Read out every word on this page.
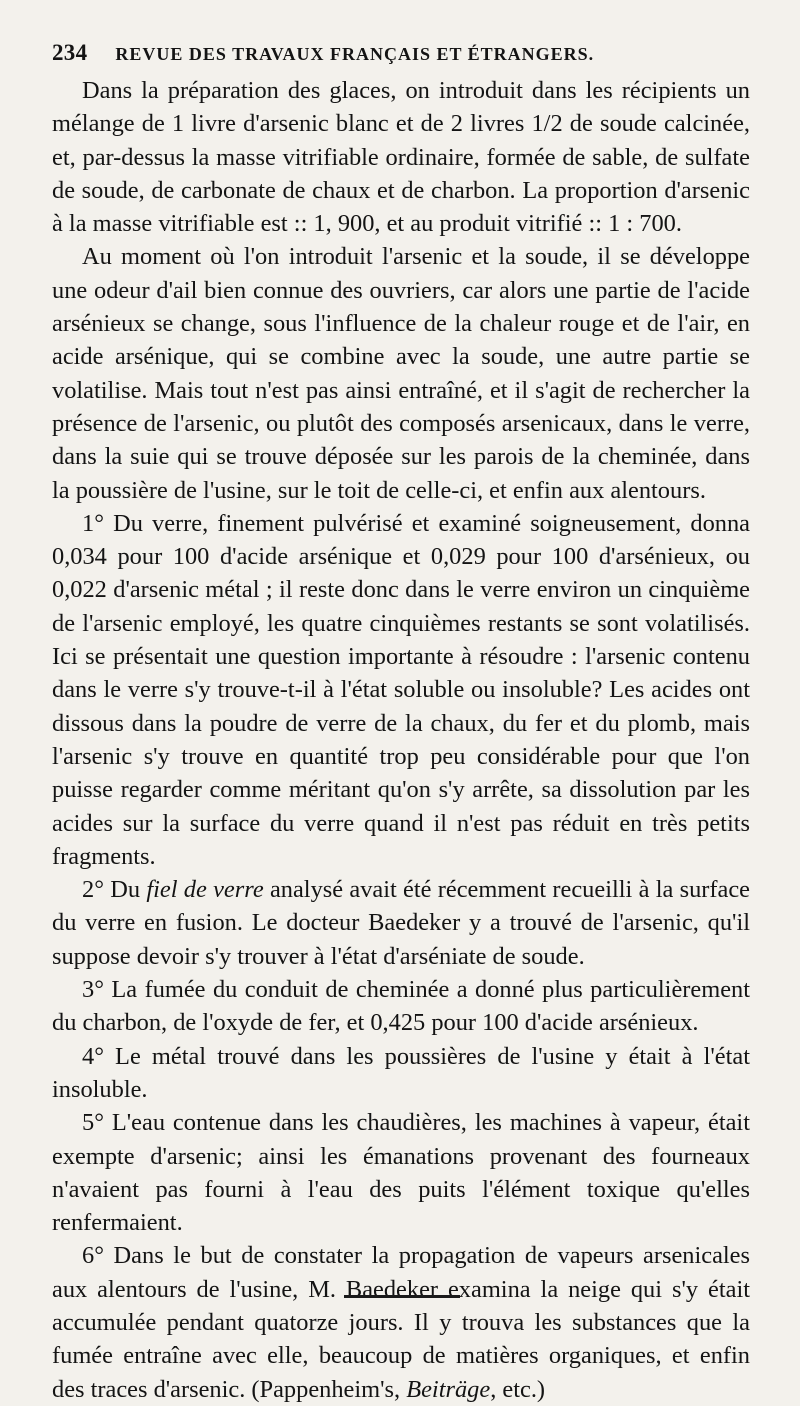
234 REVUE DES TRAVAUX FRANÇAIS ET ÉTRANGERS.

Dans la préparation des glaces, on introduit dans les récipients un mélange de 1 livre d'arsenic blanc et de 2 livres 1/2 de soude calcinée, et, par-dessus la masse vitrifiable ordinaire, formée de sable, de sulfate de soude, de carbonate de chaux et de charbon. La proportion d'arsenic à la masse vitrifiable est :: 1, 900, et au produit vitrifié :: 1 : 700.

Au moment où l'on introduit l'arsenic et la soude, il se développe une odeur d'ail bien connue des ouvriers, car alors une partie de l'acide arsénieux se change, sous l'influence de la chaleur rouge et de l'air, en acide arsénique, qui se combine avec la soude, une autre partie se volatilise. Mais tout n'est pas ainsi entraîné, et il s'agit de rechercher la présence de l'arsenic, ou plutôt des composés arsenicaux, dans le verre, dans la suie qui se trouve déposée sur les parois de la cheminée, dans la poussière de l'usine, sur le toit de celle-ci, et enfin aux alentours.

1° Du verre, finement pulvérisé et examiné soigneusement, donna 0,034 pour 100 d'acide arsénique et 0,029 pour 100 d'arsénieux, ou 0,022 d'arsenic métal ; il reste donc dans le verre environ un cinquième de l'arsenic employé, les quatre cinquièmes restants se sont volatilisés. Ici se présentait une question importante à résoudre : l'arsenic contenu dans le verre s'y trouve-t-il à l'état soluble ou insoluble? Les acides ont dissous dans la poudre de verre de la chaux, du fer et du plomb, mais l'arsenic s'y trouve en quantité trop peu considérable pour que l'on puisse regarder comme méritant qu'on s'y arrête, sa dissolution par les acides sur la surface du verre quand il n'est pas réduit en très petits fragments.

2° Du fiel de verre analysé avait été récemment recueilli à la surface du verre en fusion. Le docteur Baedeker y a trouvé de l'arsenic, qu'il suppose devoir s'y trouver à l'état d'arséniate de soude.

3° La fumée du conduit de cheminée a donné plus particulièrement du charbon, de l'oxyde de fer, et 0,425 pour 100 d'acide arsénieux.

4° Le métal trouvé dans les poussières de l'usine y était à l'état insoluble.

5° L'eau contenue dans les chaudières, les machines à vapeur, était exempte d'arsenic; ainsi les émanations provenant des fourneaux n'avaient pas fourni à l'eau des puits l'élément toxique qu'elles renfermaient.

6° Dans le but de constater la propagation de vapeurs arsenicales aux alentours de l'usine, M. Baedeker examina la neige qui s'y était accumulée pendant quatorze jours. Il y trouva les substances que la fumée entraîne avec elle, beaucoup de matières organiques, et enfin des traces d'arsenic. (Pappenheim's, Beiträge, etc.)
